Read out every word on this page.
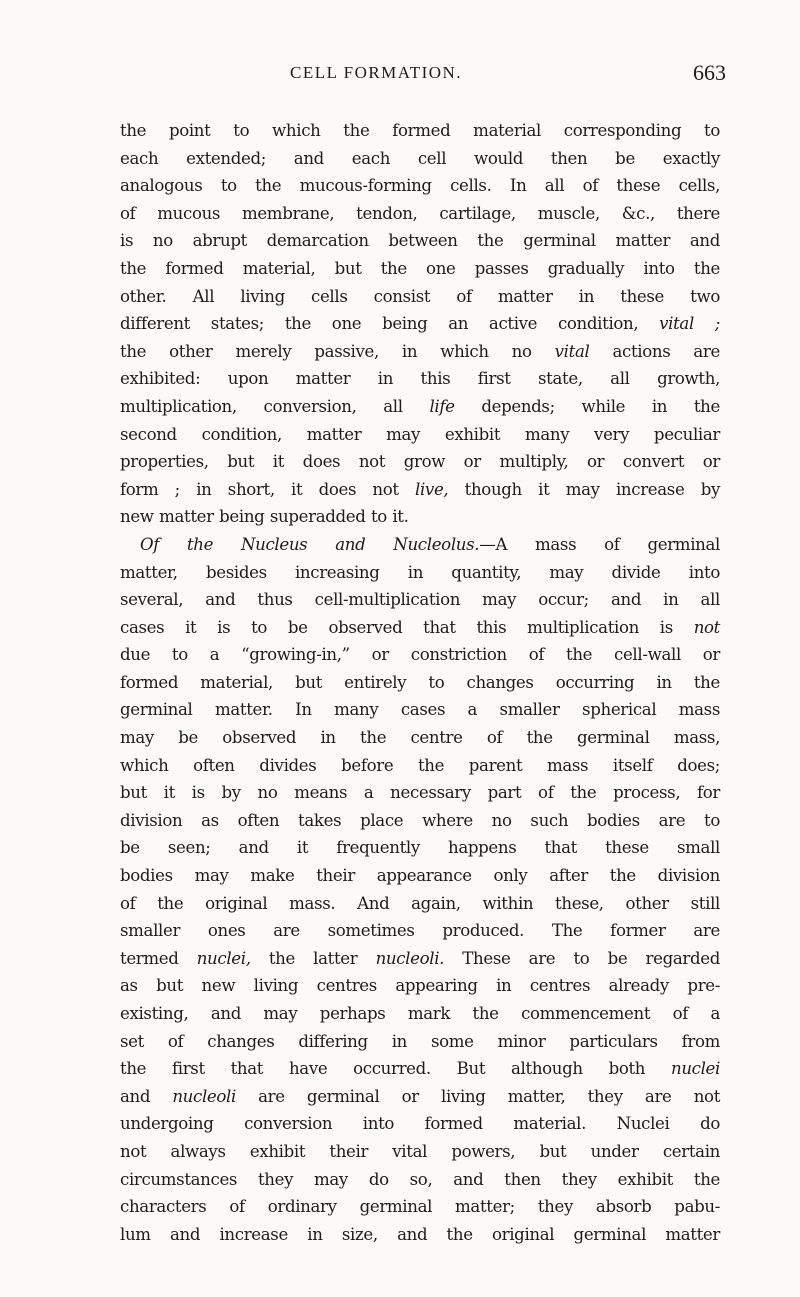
CELL FORMATION.	663
the point to which the formed material corresponding to
each extended; and each cell would then be exactly
analogous to the mucous-forming cells. In all of these cells,
of mucous membrane, tendon, cartilage, muscle, &c., there
is no abrupt demarcation between the germinal matter and
the formed material, but the one passes gradually into the
other. All living cells consist of matter in these two
different states; the one being an active condition, vital ;
the other merely passive, in which no vital actions are
exhibited: upon matter in this first state, all growth,
multiplication, conversion, all life depends; while in the
second condition, matter may exhibit many very peculiar
properties, but it does not grow or multiply, or convert or
form ; in short, it does not live, though it may increase by
new matter being superadded to it.
Of the Nucleus and Nucleolus.—A mass of germinal
matter, besides increasing in quantity, may divide into
several, and thus cell-multiplication may occur; and in all
cases it is to be observed that this multiplication is not
due to a “growing-in,” or constriction of the cell-wall or
formed material, but entirely to changes occurring in the
germinal matter. In many cases a smaller spherical mass
may be observed in the centre of the germinal mass,
which often divides before the parent mass itself does;
but it is by no means a necessary part of the process, for
division as often takes place where no such bodies are to
be seen; and it frequently happens that these small
bodies may make their appearance only after the division
of the original mass. And again, within these, other still
smaller ones are sometimes produced. The former are
termed nuclei, the latter nucleoli. These are to be regarded
as but new living centres appearing in centres already pre-
existing, and may perhaps mark the commencement of a
set of changes differing in some minor particulars from
the first that have occurred. But although both nuclei
and nucleoli are germinal or living matter, they are not
undergoing conversion into formed material. Nuclei do
not always exhibit their vital powers, but under certain
circumstances they may do so, and then they exhibit the
characters of ordinary germinal matter; they absorb pabu-
lum and increase in size, and the original germinal matter
